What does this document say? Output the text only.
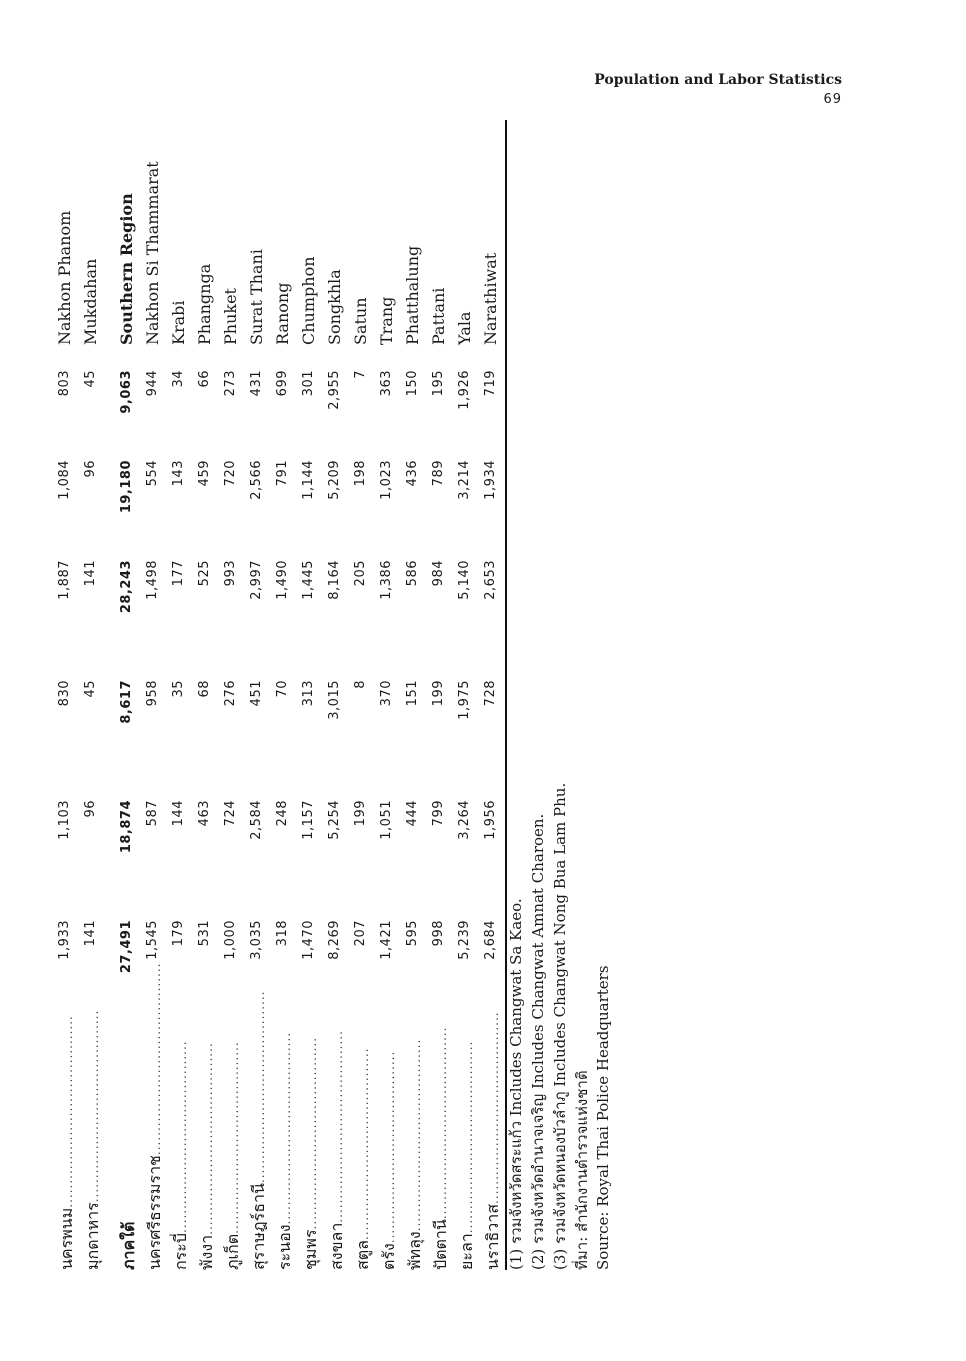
Population and Labor Statistics
69
นครพนม........................................
1,933
1,103
830
1,887
1,084
803
Nakhon Phanom
มุกดาหาร........................................
141
96
45
141
96
45
Mukdahan
ภาคใต้
27,491
18,874
8,617
28,243
19,180
9,063
Southern Region
นครศรีธรรมราช........................................
1,545
587
958
1,498
554
944
Nakhon Si Thammarat
กระบี่........................................
179
144
35
177
143
34
Krabi
พังงา........................................
531
463
68
525
459
66
Phangnga
ภูเก็ต........................................
1,000
724
276
993
720
273
Phuket
สุราษฎร์ธานี........................................
3,035
2,584
451
2,997
2,566
431
Surat Thani
ระนอง........................................
318
248
70
1,490
791
699
Ranong
ชุมพร........................................
1,470
1,157
313
1,445
1,144
301
Chumphon
สงขลา........................................
8,269
5,254
3,015
8,164
5,209
2,955
Songkhla
สตูล........................................
207
199
8
205
198
7
Satun
ตรัง........................................
1,421
1,051
370
1,386
1,023
363
Trang
พัทลุง........................................
595
444
151
586
436
150
Phatthalung
ปัตตานี........................................
998
799
199
984
789
195
Pattani
ยะลา........................................
5,239
3,264
1,975
5,140
3,214
1,926
Yala
นราธิวาส........................................
2,684
1,956
728
2,653
1,934
719
Narathiwat
(1) รวมจังหวัดสระแก้ว Includes Changwat Sa Kaeo. (2) รวมจังหวัดอำนาจเจริญ Includes Changwat Amnat Charoen. (3) รวมจังหวัดหนองบัวลำภู Includes Changwat Nong Bua Lam Phu. ที่มา: สำนักงานตำรวจแห่งชาติ Source: Royal Thai Police Headquarters
